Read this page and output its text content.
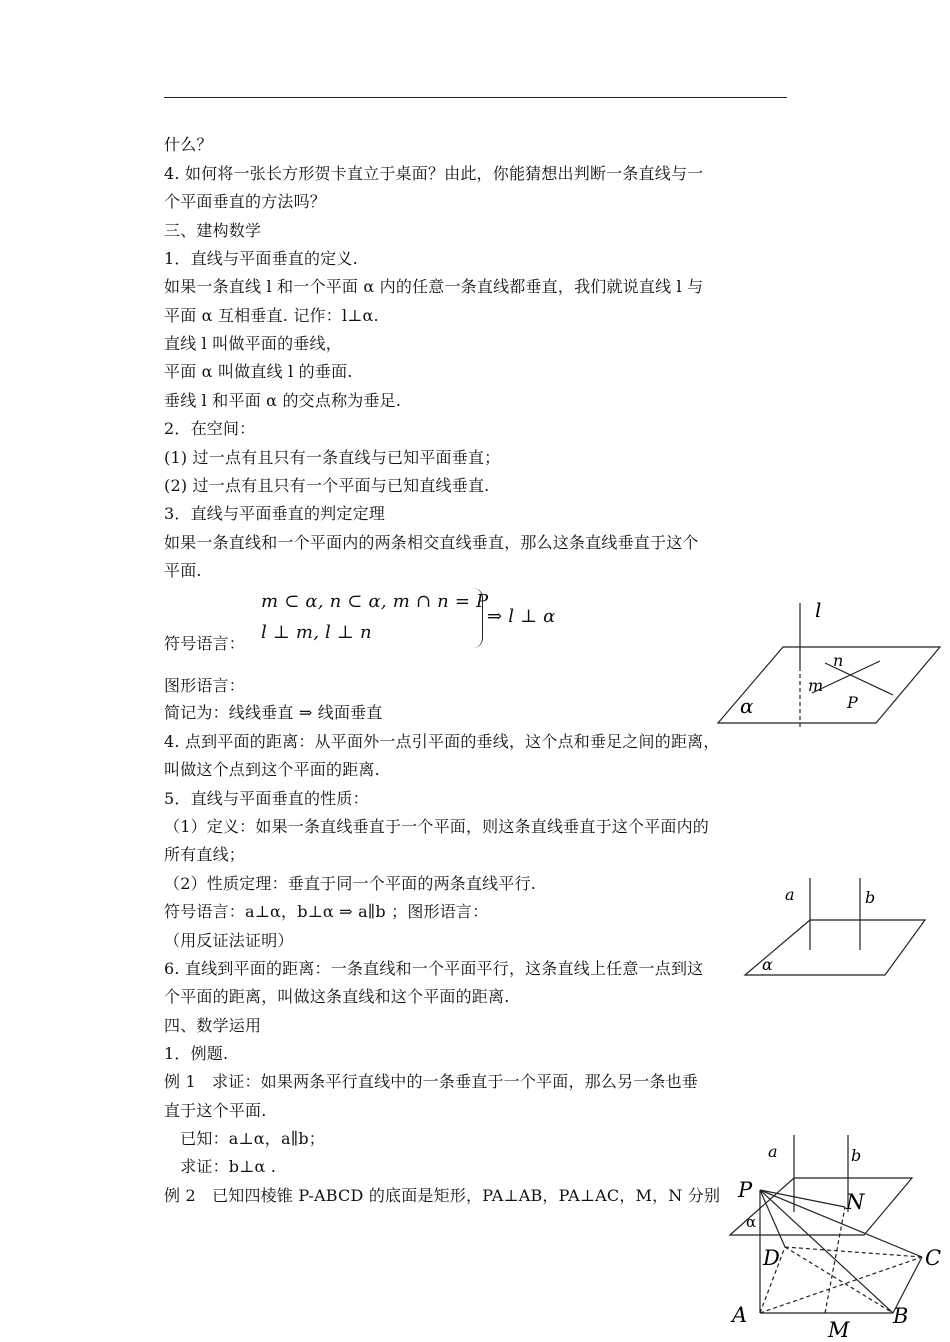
什么？
4. 如何将一张长方形贺卡直立于桌面？由此，你能猜想出判断一条直线与一
个平面垂直的方法吗？
三、建构数学
1．直线与平面垂直的定义.
如果一条直线 l 和一个平面 α 内的任意一条直线都垂直，我们就说直线 l 与
平面 α 互相垂直. 记作：l⊥α.
直线 l 叫做平面的垂线，
平面 α 叫做直线 l 的垂面.
垂线 l 和平面 α 的交点称为垂足.
2．在空间：
(1) 过一点有且只有一条直线与已知平面垂直；
(2) 过一点有且只有一个平面与已知直线垂直.
3．直线与平面垂直的判定定理
如果一条直线和一个平面内的两条相交直线垂直，那么这条直线垂直于这个
平面.
符号语言：
m ⊂ α, n ⊂ α, m ∩ n = P
l ⊥ m, l ⊥ n
⇒ l ⊥ α
图形语言：
简记为：线线垂直 ⇒ 线面垂直
4. 点到平面的距离：从平面外一点引平面的垂线，这个点和垂足之间的距离，
叫做这个点到这个平面的距离.
5．直线与平面垂直的性质：
（1）定义：如果一条直线垂直于一个平面，则这条直线垂直于这个平面内的
所有直线；
（2）性质定理：垂直于同一个平面的两条直线平行.
符号语言：a⊥α，b⊥α ⇒ a∥b ；图形语言：
（用反证法证明）
6. 直线到平面的距离：一条直线和一个平面平行，这条直线上任意一点到这
个平面的距离，叫做这条直线和这个平面的距离.
四、数学运用
1．例题.
例 1　求证：如果两条平行直线中的一条垂直于一个平面，那么另一条也垂
直于这个平面.
　已知：a⊥α，a∥b；
　求证：b⊥α .
例 2　已知四棱锥 P-ABCD 的底面是矩形，PA⊥AB，PA⊥AC，M，N 分别
l
n
m
P
α
a	b
α
a	b
α
P	N
D	C
A	B
M
